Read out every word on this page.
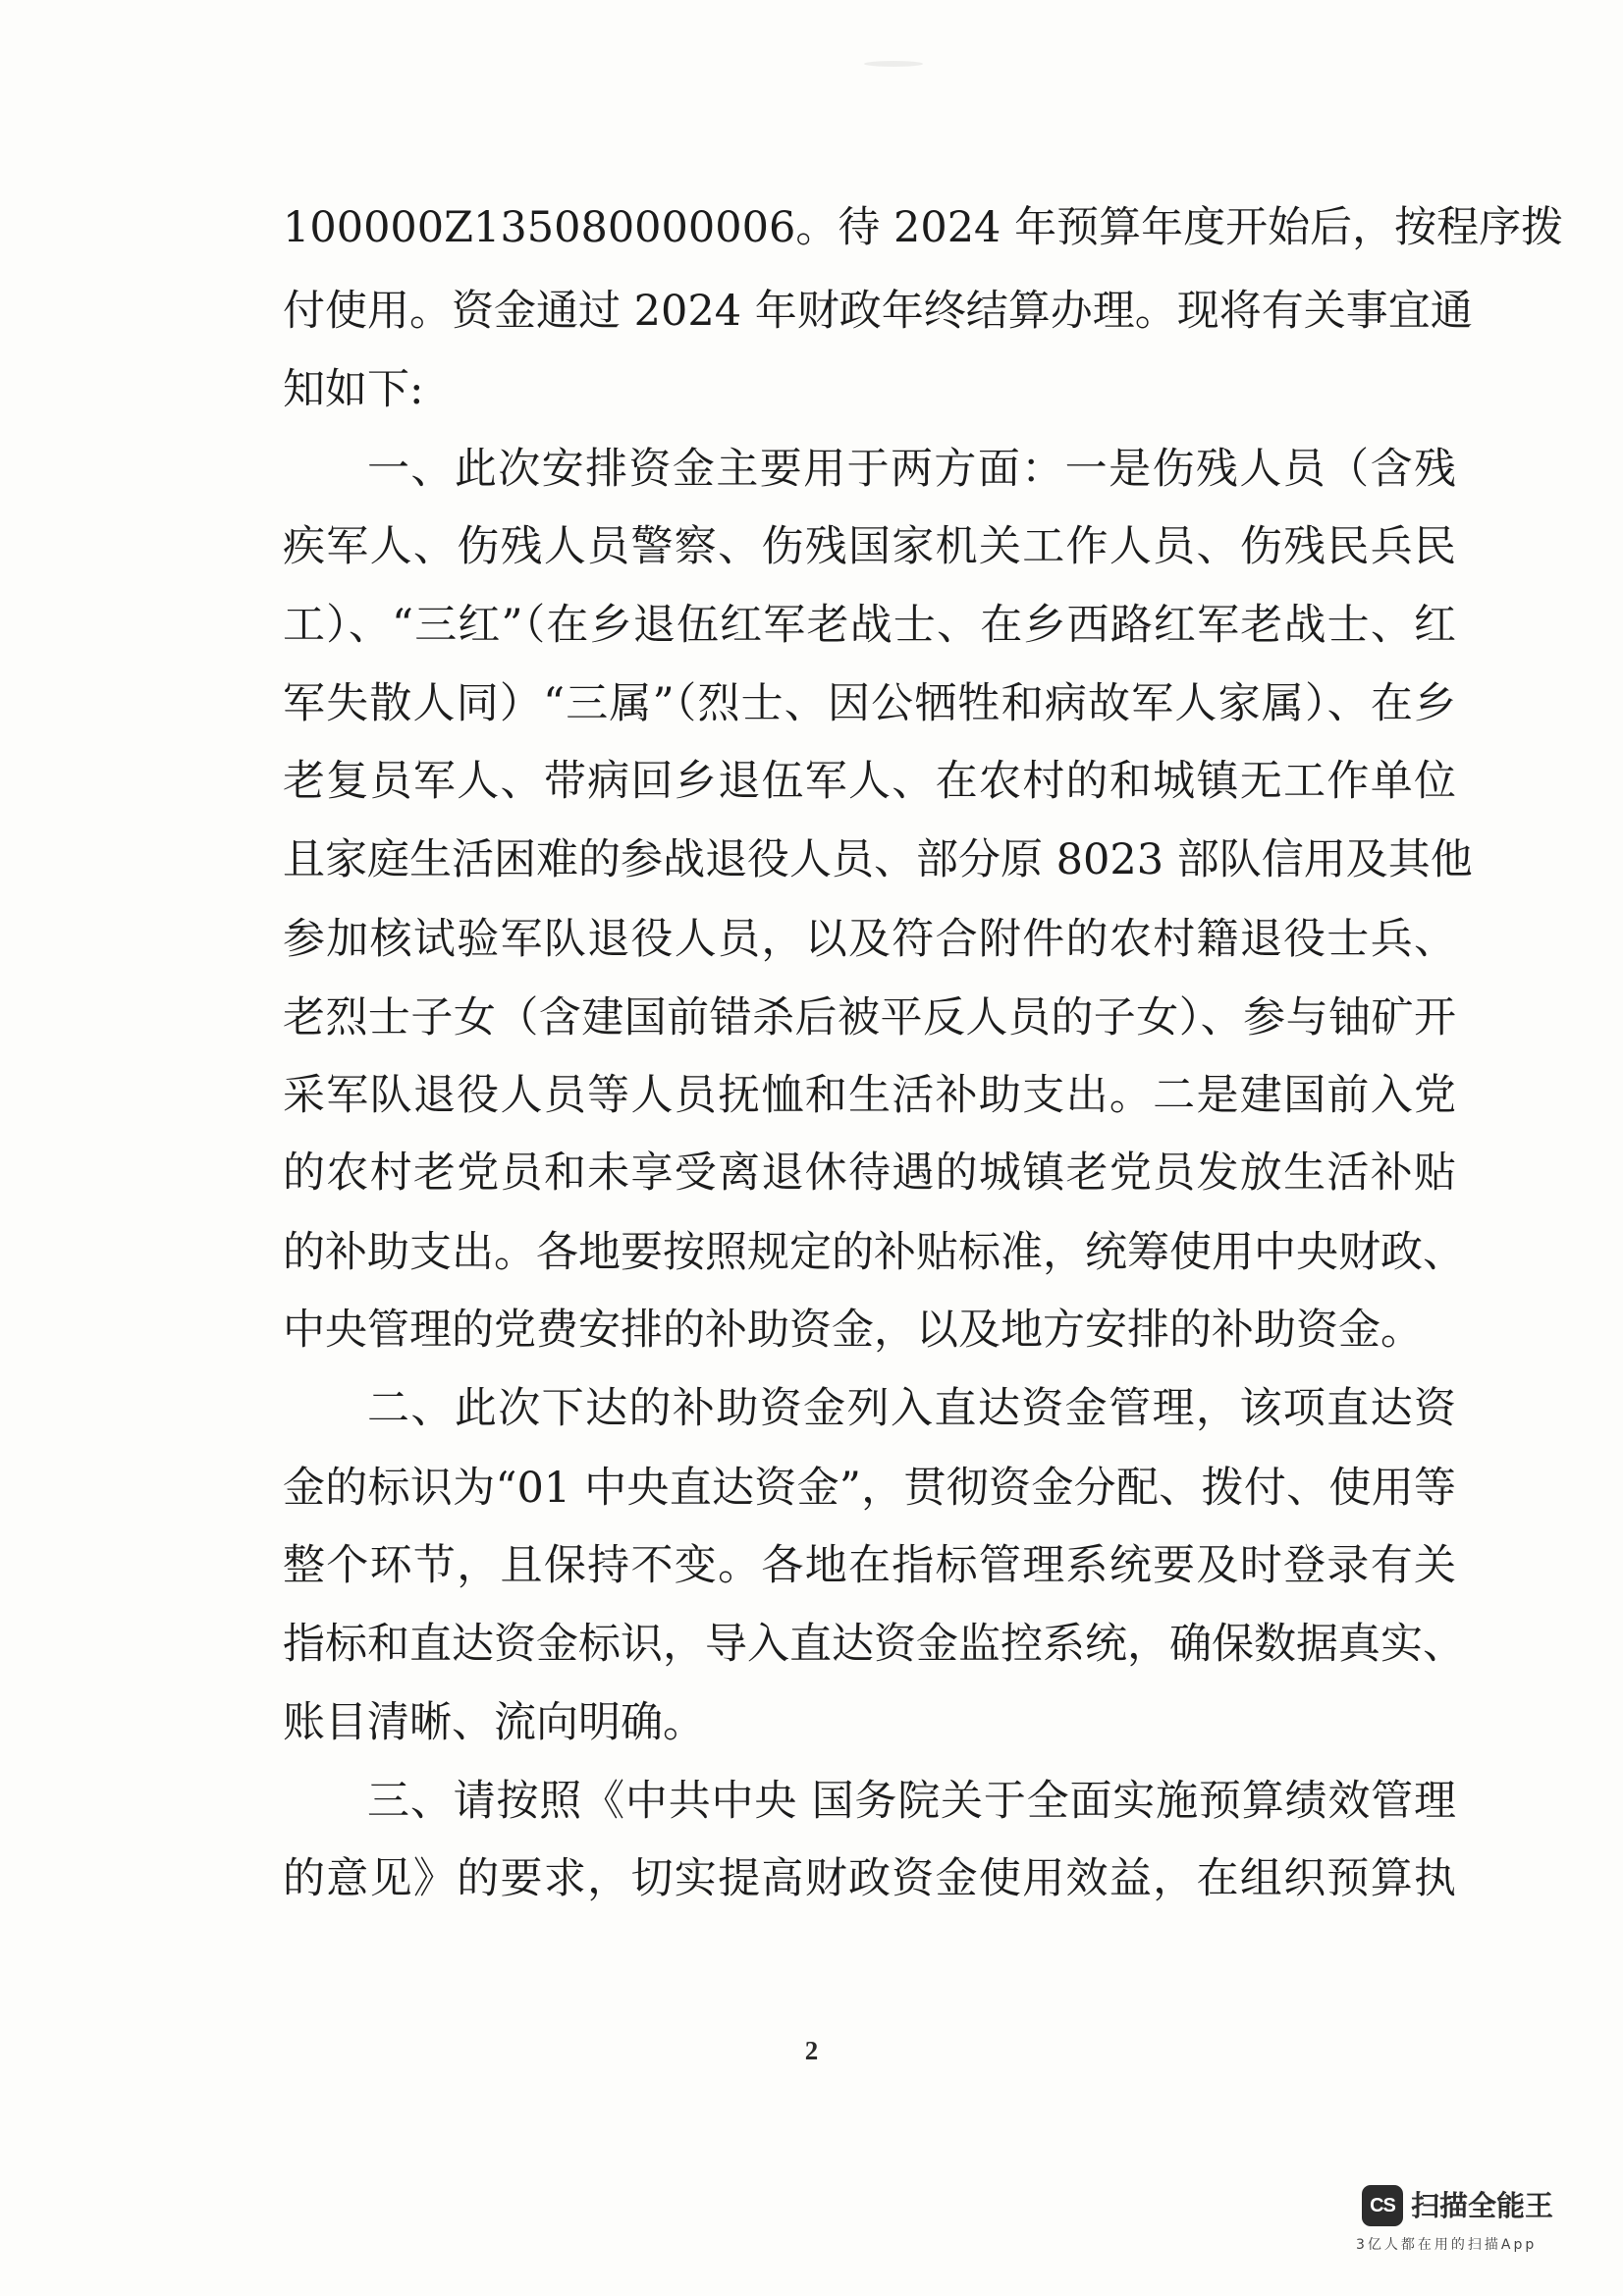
100000Z135080000006。待 2024 年预算年度开始后，按程序拨
付使用。资金通过 2024 年财政年终结算办理。现将有关事宜通
知如下:
一、此次安排资金主要用于两方面：一是伤残人员（含残
疾军人、伤残人员警察、伤残国家机关工作人员、伤残民兵民
工）、“三红”（在乡退伍红军老战士、在乡西路红军老战士、红
军失散人同）“三属”（烈士、因公牺牲和病故军人家属）、在乡
老复员军人、带病回乡退伍军人、在农村的和城镇无工作单位
且家庭生活困难的参战退役人员、部分原 8023 部队信用及其他
参加核试验军队退役人员，以及符合附件的农村籍退役士兵、
老烈士子女（含建国前错杀后被平反人员的子女）、参与铀矿开
采军队退役人员等人员抚恤和生活补助支出。二是建国前入党
的农村老党员和未享受离退休待遇的城镇老党员发放生活补贴
的补助支出。各地要按照规定的补贴标准，统筹使用中央财政、
中央管理的党费安排的补助资金，以及地方安排的补助资金。
二、此次下达的补助资金列入直达资金管理，该项直达资
金的标识为“01 中央直达资金”，贯彻资金分配、拨付、使用等
整个环节，且保持不变。各地在指标管理系统要及时登录有关
指标和直达资金标识，导入直达资金监控系统，确保数据真实、
账目清晰、流向明确。
三、请按照《中共中央 国务院关于全面实施预算绩效管理
的意见》的要求，切实提高财政资金使用效益，在组织预算执
2
CS 扫描全能王
3亿人都在用的扫描App
